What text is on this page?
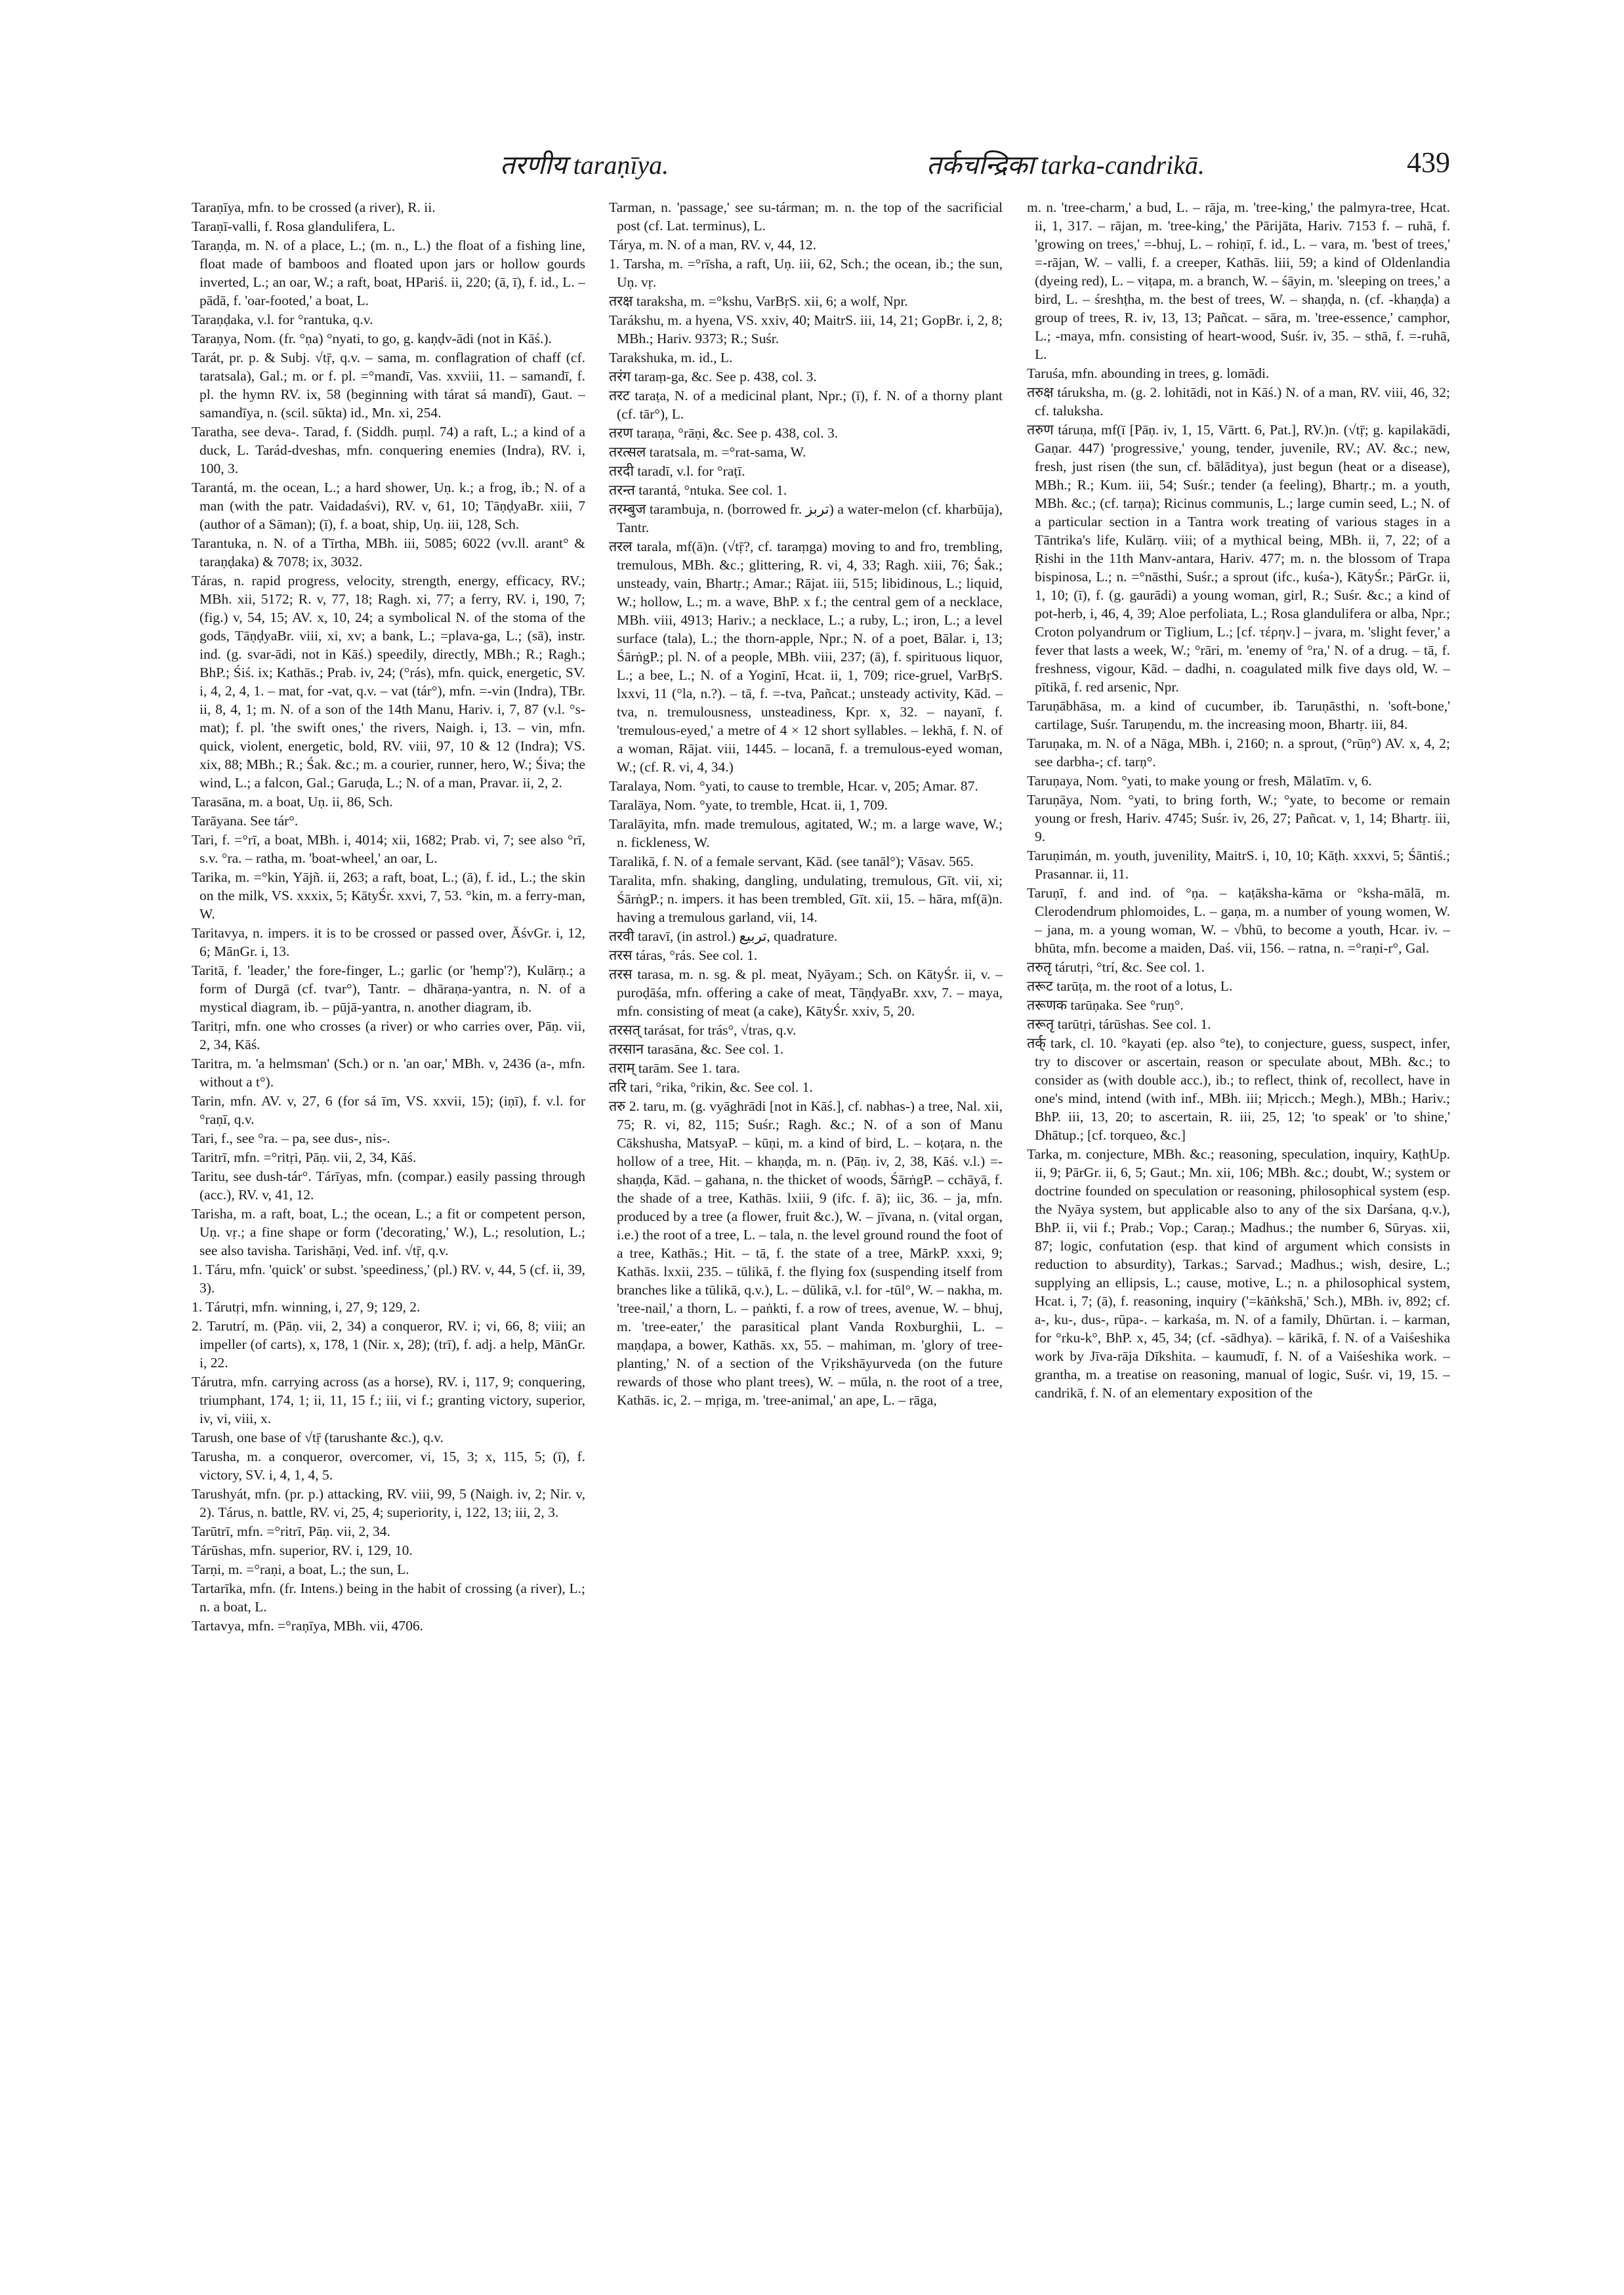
तरणीय taraṇīya.	तर्कचन्द्रिका tarka-candrikā.	439

Taraṇīya, mfn. to be crossed (a river), R. ii.

Taraṇī-valli, f. Rosa glandulifera, L.

Taraṇḍa, m. N. of a place, L.; (m. n., L.) the float of a fishing line, float made of bamboos and floated upon jars or hollow gourds inverted, L.; an oar, W.; a raft, boat, HPariś. ii, 220; (ā, ī), f. id., L. – pādā, f. 'oar-footed,' a boat, L.

Taraṇḍaka, v.l. for °rantuka, q.v.

Taraṇya, Nom. (fr. °ṇa) °nyati, to go, g. kaṇḍv-ādi (not in Kāś.).

Tarát, pr. p. & Subj. √tṝ, q.v. – sama, m. conflagration of chaff (cf. taratsala), Gal.; m. or f. pl. =°mandī, Vas. xxviii, 11. – samandī, f. pl. the hymn RV. ix, 58 (beginning with tárat sá mandī), Gaut. – samandīya, n. (scil. sūkta) id., Mn. xi, 254.

Taratha, see deva-. Tarad, f. (Siddh. puṃl. 74) a raft, L.; a kind of a duck, L. Tarád-dveshas, mfn. conquering enemies (Indra), RV. i, 100, 3.

Tarantá, m. the ocean, L.; a hard shower, Uṇ. k.; a frog, ib.; N. of a man (with the patr. Vaidadaśvi), RV. v, 61, 10; TāṇḍyaBr. xiii, 7 (author of a Sāman); (ī), f. a boat, ship, Uṇ. iii, 128, Sch.

Tarantuka, n. N. of a Tīrtha, MBh. iii, 5085; 6022 (vv.ll. arant° & taraṇḍaka) & 7078; ix, 3032.

Táras, n. rapid progress, velocity, strength, energy, efficacy, RV.; MBh. xii, 5172; R. v, 77, 18; Ragh. xi, 77; a ferry, RV. i, 190, 7; (fig.) v, 54, 15; AV. x, 10, 24; a symbolical N. of the stoma of the gods, TāṇḍyaBr. viii, xi, xv; a bank, L.; =plava-ga, L.; (sā), instr. ind. (g. svar-ādi, not in Kāś.) speedily, directly, MBh.; R.; Ragh.; BhP.; Śiś. ix; Kathās.; Prab. iv, 24; (°rás), mfn. quick, energetic, SV. i, 4, 2, 4, 1. – mat, for -vat, q.v. – vat (tár°), mfn. =-vin (Indra), TBr. ii, 8, 4, 1; m. N. of a son of the 14th Manu, Hariv. i, 7, 87 (v.l. °s-mat); f. pl. 'the swift ones,' the rivers, Naigh. i, 13. – vin, mfn. quick, violent, energetic, bold, RV. viii, 97, 10 & 12 (Indra); VS. xix, 88; MBh.; R.; Śak. &c.; m. a courier, runner, hero, W.; Śiva; the wind, L.; a falcon, Gal.; Garuḍa, L.; N. of a man, Pravar. ii, 2, 2.

Tarasāna, m. a boat, Uṇ. ii, 86, Sch.

Tarāyana. See tár°.

Tari, f. =°rī, a boat, MBh. i, 4014; xii, 1682; Prab. vi, 7; see also °rī, s.v. °ra. – ratha, m. 'boat-wheel,' an oar, L.

Tarika, m. =°kin, Yājñ. ii, 263; a raft, boat, L.; (ā), f. id., L.; the skin on the milk, VS. xxxix, 5; KātyŚr. xxvi, 7, 53. °kin, m. a ferry-man, W.

Taritavya, n. impers. it is to be crossed or passed over, ĀśvGr. i, 12, 6; MānGr. i, 13.

Taritā, f. 'leader,' the fore-finger, L.; garlic (or 'hemp'?), Kulārṇ.; a form of Durgā (cf. tvar°), Tantr. – dhāraṇa-yantra, n. N. of a mystical diagram, ib. – pūjā-yantra, n. another diagram, ib.

Taritṛi, mfn. one who crosses (a river) or who carries over, Pāṇ. vii, 2, 34, Kāś.

Taritra, m. 'a helmsman' (Sch.) or n. 'an oar,' MBh. v, 2436 (a-, mfn. without a t°).

Tarin, mfn. AV. v, 27, 6 (for sá īm, VS. xxvii, 15); (iṇī), f. v.l. for °raṇī, q.v.

Tari, f., see °ra. – pa, see dus-, nis-.

Taritrī, mfn. =°ritṛi, Pāṇ. vii, 2, 34, Kāś.

Taritu, see dush-tár°. Tárīyas, mfn. (compar.) easily passing through (acc.), RV. v, 41, 12.

Tarisha, m. a raft, boat, L.; the ocean, L.; a fit or competent person, Uṇ. vṛ.; a fine shape or form ('decorating,' W.), L.; resolution, L.; see also tavisha. Tarishāṇi, Ved. inf. √tṝ, q.v.

1. Táru, mfn. 'quick' or subst. 'speediness,' (pl.) RV. v, 44, 5 (cf. ii, 39, 3).

1. Tárutṛi, mfn. winning, i, 27, 9; 129, 2.

2. Tarutrí, m. (Pāṇ. vii, 2, 34) a conqueror, RV. i; vi, 66, 8; viii; an impeller (of carts), x, 178, 1 (Nir. x, 28); (trī), f. adj. a help, MānGr. i, 22.

Tárutra, mfn. carrying across (as a horse), RV. i, 117, 9; conquering, triumphant, 174, 1; ii, 11, 15 f.; iii, vi f.; granting victory, superior, iv, vi, viii, x.

Tarush, one base of √tṝ (tarushante &c.), q.v.

Tarusha, m. a conqueror, overcomer, vi, 15, 3; x, 115, 5; (ī), f. victory, SV. i, 4, 1, 4, 5.

Tarushyát, mfn. (pr. p.) attacking, RV. viii, 99, 5 (Naigh. iv, 2; Nir. v, 2). Tárus, n. battle, RV. vi, 25, 4; superiority, i, 122, 13; iii, 2, 3.

Tarūtrī, mfn. =°ritrī, Pāṇ. vii, 2, 34.

Tárūshas, mfn. superior, RV. i, 129, 10.

Tarṇi, m. =°raṇi, a boat, L.; the sun, L.

Tartarīka, mfn. (fr. Intens.) being in the habit of crossing (a river), L.; n. a boat, L.

Tartavya, mfn. =°raṇīya, MBh. vii, 4706.

Tarman, n. 'passage,' see su-tárman; m. n. the top of the sacrificial post (cf. Lat. terminus), L.

Tárya, m. N. of a man, RV. v, 44, 12.

1. Tarsha, m. =°rīsha, a raft, Uṇ. iii, 62, Sch.; the ocean, ib.; the sun, Uṇ. vṛ.

तरक्ष taraksha, m. =°kshu, VarBṛS. xii, 6; a wolf, Npr.

Tarákshu, m. a hyena, VS. xxiv, 40; MaitrS. iii, 14, 21; GopBr. i, 2, 8; MBh.; Hariv. 9373; R.; Suśr.

Tarakshuka, m. id., L.

तरंग taraṃ-ga, &c. See p. 438, col. 3.

तरट taraṭa, N. of a medicinal plant, Npr.; (ī), f. N. of a thorny plant (cf. tār°), L.

तरण taraṇa, °rāṇi, &c. See p. 438, col. 3.

तरत्सल taratsala, m. =°rat-sama, W.

तरदी taradī, v.l. for °raṭī.

तरन्त tarantá, °ntuka. See col. 1.

तरम्बुज tarambuja, n. (borrowed fr. تربز) a water-melon (cf. kharbūja), Tantr.

तरल tarala, mf(ā)n. (√tṝ?, cf. taraṃga) moving to and fro, trembling, tremulous, MBh. &c.; glittering, R. vi, 4, 33; Ragh. xiii, 76; Śak.; unsteady, vain, Bhartṛ.; Amar.; Rājat. iii, 515; libidinous, L.; liquid, W.; hollow, L.; m. a wave, BhP. x f.; the central gem of a necklace, MBh. viii, 4913; Hariv.; a necklace, L.; a ruby, L.; iron, L.; a level surface (tala), L.; the thorn-apple, Npr.; N. of a poet, Bālar. i, 13; ŚārṅgP.; pl. N. of a people, MBh. viii, 237; (ā), f. spirituous liquor, L.; a bee, L.; N. of a Yoginī, Hcat. ii, 1, 709; rice-gruel, VarBṛS. lxxvi, 11 (°la, n.?). – tā, f. =-tva, Pañcat.; unsteady activity, Kād. – tva, n. tremulousness, unsteadiness, Kpr. x, 32. – nayanī, f. 'tremulous-eyed,' a metre of 4 × 12 short syllables. – lekhā, f. N. of a woman, Rājat. viii, 1445. – locanā, f. a tremulous-eyed woman, W.; (cf. R. vi, 4, 34.)

Taralaya, Nom. °yati, to cause to tremble, Hcar. v, 205; Amar. 87.

Taralāya, Nom. °yate, to tremble, Hcat. ii, 1, 709.

Taralāyita, mfn. made tremulous, agitated, W.; m. a large wave, W.; n. fickleness, W.

Taralikā, f. N. of a female servant, Kād. (see tanāl°); Vāsav. 565.

Taralita, mfn. shaking, dangling, undulating, tremulous, Gīt. vii, xi; ŚārṅgP.; n. impers. it has been trembled, Gīt. xii, 15. – hāra, mf(ā)n. having a tremulous garland, vii, 14.

तरवी taravī, (in astrol.) تربيع, quadrature.

तरस táras, °rás. See col. 1.

तरस tarasa, m. n. sg. & pl. meat, Nyāyam.; Sch. on KātyŚr. ii, v. – puroḍāśa, mfn. offering a cake of meat, TāṇḍyaBr. xxv, 7. – maya, mfn. consisting of meat (a cake), KātyŚr. xxiv, 5, 20.

तरसत् tarásat, for trás°, √tras, q.v.

तरसान tarasāna, &c. See col. 1.

तराम् tarām. See 1. tara.

तरि tari, °rika, °rikin, &c. See col. 1.

तरु 2. taru, m. (g. vyāghrādi [not in Kāś.], cf. nabhas-) a tree, Nal. xii, 75; R. vi, 82, 115; Suśr.; Ragh. &c.; N. of a son of Manu Cākshusha, MatsyaP. – kūṇi, m. a kind of bird, L. – koṭara, n. the hollow of a tree, Hit. – khaṇḍa, m. n. (Pāṇ. iv, 2, 38, Kāś. v.l.) =-shaṇḍa, Kād. – gahana, n. the thicket of woods, ŚārṅgP. – cchāyā, f. the shade of a tree, Kathās. lxiii, 9 (ifc. f. ā); iic, 36. – ja, mfn. produced by a tree (a flower, fruit &c.), W. – jīvana, n. (vital organ, i.e.) the root of a tree, L. – tala, n. the level ground round the foot of a tree, Kathās.; Hit. – tā, f. the state of a tree, MārkP. xxxi, 9; Kathās. lxxii, 235. – tūlikā, f. the flying fox (suspending itself from branches like a tūlikā, q.v.), L. – dūlikā, v.l. for -tūl°, W. – nakha, m. 'tree-nail,' a thorn, L. – paṅkti, f. a row of trees, avenue, W. – bhuj, m. 'tree-eater,' the parasitical plant Vanda Roxburghii, L. – maṇḍapa, a bower, Kathās. xx, 55. – mahiman, m. 'glory of tree-planting,' N. of a section of the Vṛikshāyurveda (on the future rewards of those who plant trees), W. – mūla, n. the root of a tree, Kathās. ic, 2. – mṛiga, m. 'tree-animal,' an ape, L. – rāga,

m. n. 'tree-charm,' a bud, L. – rāja, m. 'tree-king,' the palmyra-tree, Hcat. ii, 1, 317. – rājan, m. 'tree-king,' the Pārijāta, Hariv. 7153 f. – ruhā, f. 'growing on trees,' =-bhuj, L. – rohiṇī, f. id., L. – vara, m. 'best of trees,' =-rājan, W. – valli, f. a creeper, Kathās. liii, 59; a kind of Oldenlandia (dyeing red), L. – viṭapa, m. a branch, W. – śāyin, m. 'sleeping on trees,' a bird, L. – śreshṭha, m. the best of trees, W. – shaṇḍa, n. (cf. -khaṇḍa) a group of trees, R. iv, 13, 13; Pañcat. – sāra, m. 'tree-essence,' camphor, L.; -maya, mfn. consisting of heart-wood, Suśr. iv, 35. – sthā, f. =-ruhā, L.

Taruśa, mfn. abounding in trees, g. lomādi.

तरुक्ष táruksha, m. (g. 2. lohitādi, not in Kāś.) N. of a man, RV. viii, 46, 32; cf. taluksha.

तरुण táruṇa, mf(ī [Pāṇ. iv, 1, 15, Vārtt. 6, Pat.], RV.)n. (√tṝ; g. kapilakādi, Gaṇar. 447) 'progressive,' young, tender, juvenile, RV.; AV. &c.; new, fresh, just risen (the sun, cf. bālāditya), just begun (heat or a disease), MBh.; R.; Kum. iii, 54; Suśr.; tender (a feeling), Bhartṛ.; m. a youth, MBh. &c.; (cf. tarṇa); Ricinus communis, L.; large cumin seed, L.; N. of a particular section in a Tantra work treating of various stages in a Tāntrika's life, Kulārṇ. viii; of a mythical being, MBh. ii, 7, 22; of a Ṛishi in the 11th Manv-antara, Hariv. 477; m. n. the blossom of Trapa bispinosa, L.; n. =°nāsthi, Suśr.; a sprout (ifc., kuśa-), KātyŚr.; PārGr. ii, 1, 10; (ī), f. (g. gaurādi) a young woman, girl, R.; Suśr. &c.; a kind of pot-herb, i, 46, 4, 39; Aloe perfoliata, L.; Rosa glandulifera or alba, Npr.; Croton polyandrum or Tiglium, L.; [cf. τέρην.] – jvara, m. 'slight fever,' a fever that lasts a week, W.; °rāri, m. 'enemy of °ra,' N. of a drug. – tā, f. freshness, vigour, Kād. – dadhi, n. coagulated milk five days old, W. – pītikā, f. red arsenic, Npr.

Taruṇābhāsa, m. a kind of cucumber, ib. Taruṇāsthi, n. 'soft-bone,' cartilage, Suśr. Taruṇendu, m. the increasing moon, Bhartṛ. iii, 84.

Taruṇaka, m. N. of a Nāga, MBh. i, 2160; n. a sprout, (°rūṇ°) AV. x, 4, 2; see darbha-; cf. tarṇ°.

Taruṇaya, Nom. °yati, to make young or fresh, Mālatīm. v, 6.

Taruṇāya, Nom. °yati, to bring forth, W.; °yate, to become or remain young or fresh, Hariv. 4745; Suśr. iv, 26, 27; Pañcat. v, 1, 14; Bhartṛ. iii, 9.

Taruṇimán, m. youth, juvenility, MaitrS. i, 10, 10; Kāṭh. xxxvi, 5; Śāntiś.; Prasannar. ii, 11.

Taruṇī, f. and ind. of °ṇa. – kaṭāksha-kāma or °ksha-mālā, m. Clerodendrum phlomoides, L. – gaṇa, m. a number of young women, W. – jana, m. a young woman, W. – √bhū, to become a youth, Hcar. iv. – bhūta, mfn. become a maiden, Daś. vii, 156. – ratna, n. =°raṇi-r°, Gal.

तरुतृ tárutṛi, °trí, &c. See col. 1.

तरूट tarūṭa, m. the root of a lotus, L.

तरूणक tarūṇaka. See °ruṇ°.

तरूतृ tarūtṛi, tárūshas. See col. 1.

तर्क् tark, cl. 10. °kayati (ep. also °te), to conjecture, guess, suspect, infer, try to discover or ascertain, reason or speculate about, MBh. &c.; to consider as (with double acc.), ib.; to reflect, think of, recollect, have in one's mind, intend (with inf., MBh. iii; Mṛicch.; Megh.), MBh.; Hariv.; BhP. iii, 13, 20; to ascertain, R. iii, 25, 12; 'to speak' or 'to shine,' Dhātup.; [cf. torqueo, &c.]

Tarka, m. conjecture, MBh. &c.; reasoning, speculation, inquiry, KaṭhUp. ii, 9; PārGr. ii, 6, 5; Gaut.; Mn. xii, 106; MBh. &c.; doubt, W.; system or doctrine founded on speculation or reasoning, philosophical system (esp. the Nyāya system, but applicable also to any of the six Darśana, q.v.), BhP. ii, vii f.; Prab.; Vop.; Caraṇ.; Madhus.; the number 6, Sūryas. xii, 87; logic, confutation (esp. that kind of argument which consists in reduction to absurdity), Tarkas.; Sarvad.; Madhus.; wish, desire, L.; supplying an ellipsis, L.; cause, motive, L.; n. a philosophical system, Hcat. i, 7; (ā), f. reasoning, inquiry ('=kāṅkshā,' Sch.), MBh. iv, 892; cf. a-, ku-, dus-, rūpa-. – karkaśa, m. N. of a family, Dhūrtan. i. – karman, for °rku-k°, BhP. x, 45, 34; (cf. -sādhya). – kārikā, f. N. of a Vaiśeshika work by Jīva-rāja Dīkshita. – kaumudī, f. N. of a Vaiśeshika work. – grantha, m. a treatise on reasoning, manual of logic, Suśr. vi, 19, 15. – candrikā, f. N. of an elementary exposition of the
